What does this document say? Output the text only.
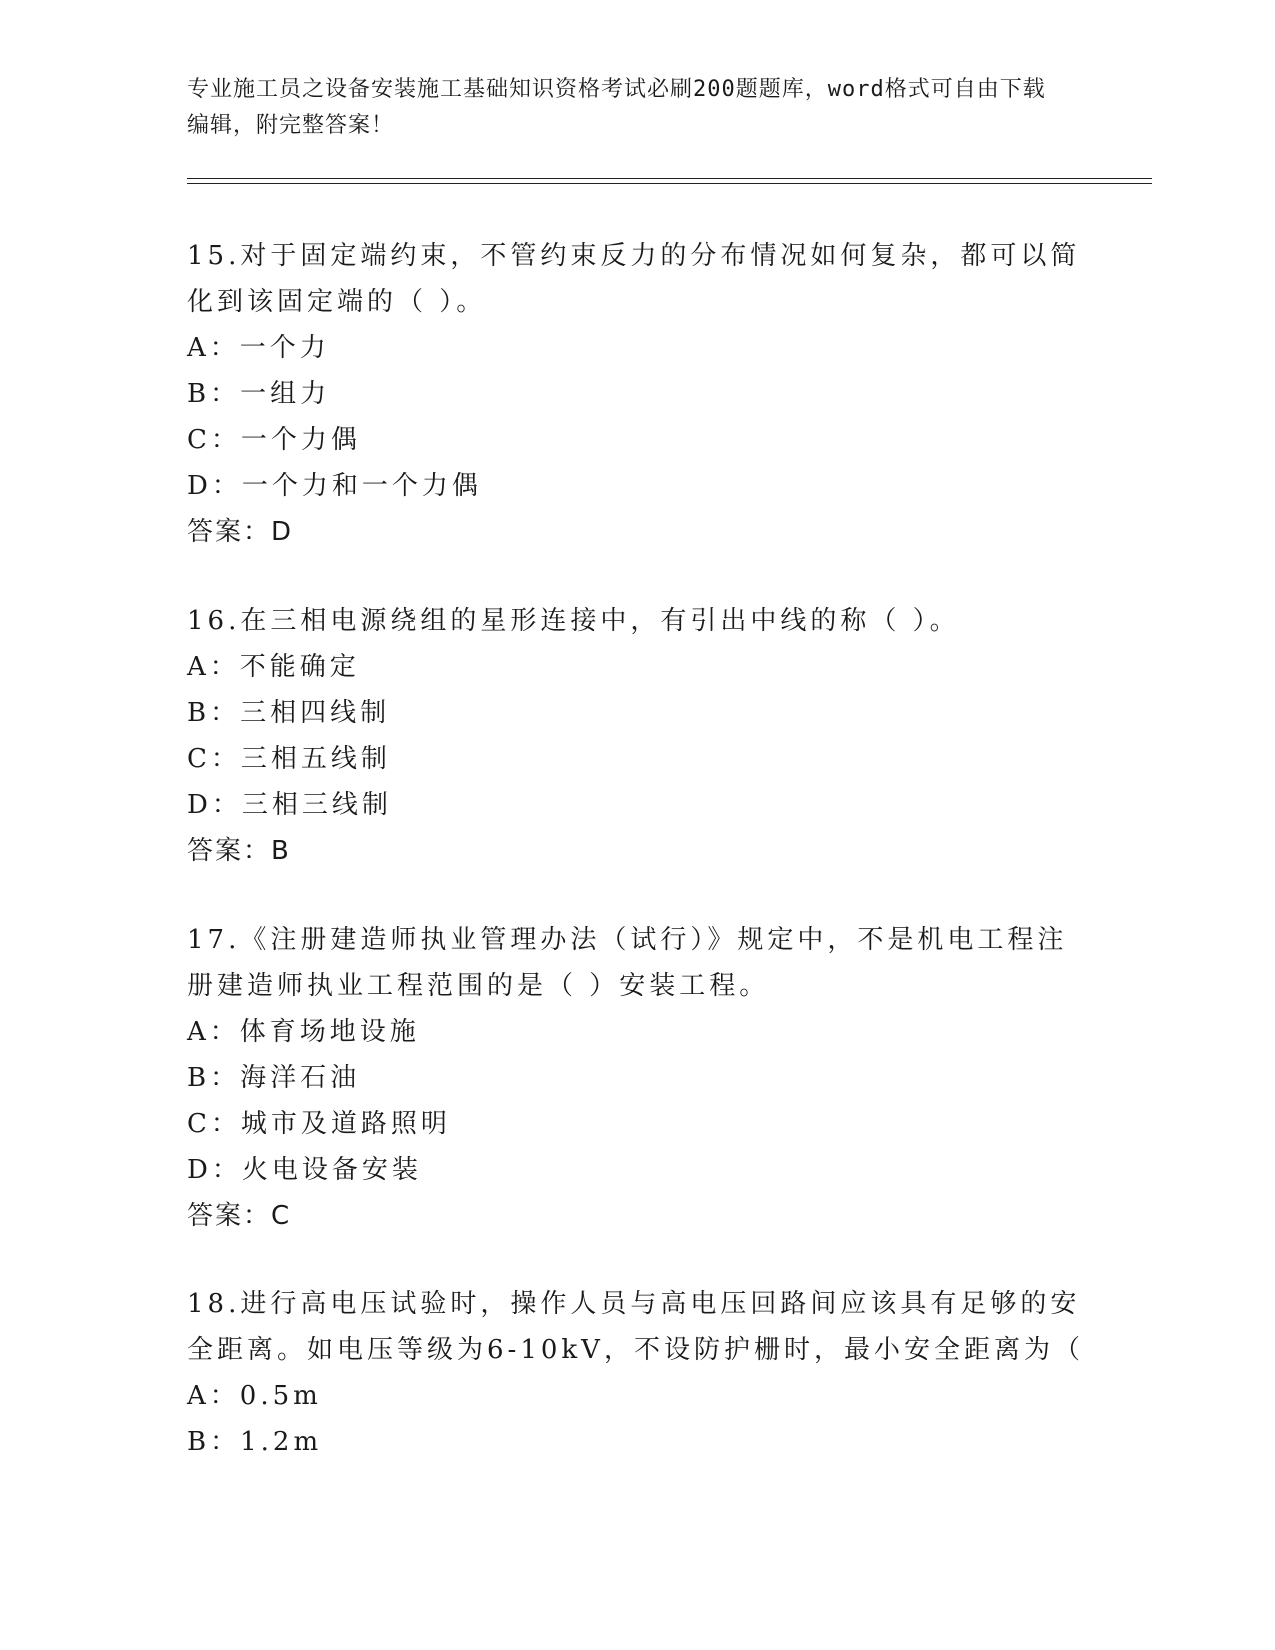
专业施工员之设备安装施工基础知识资格考试必刷200题题库，word格式可自由下载编辑，附完整答案！
15.对于固定端约束，不管约束反力的分布情况如何复杂，都可以简化到该固定端的（ ）。
A：一个力
B：一组力
C：一个力偶
D：一个力和一个力偶
答案：D
16.在三相电源绕组的星形连接中，有引出中线的称（ ）。
A：不能确定
B：三相四线制
C：三相五线制
D：三相三线制
答案：B
17.《注册建造师执业管理办法（试行）》规定中，不是机电工程注册建造师执业工程范围的是（ ）安装工程。
A：体育场地设施
B：海洋石油
C：城市及道路照明
D：火电设备安装
答案：C
18.进行高电压试验时，操作人员与高电压回路间应该具有足够的安全距离。如电压等级为6-10kV，不设防护栅时，最小安全距离为（
A：0.5m
B：1.2m
